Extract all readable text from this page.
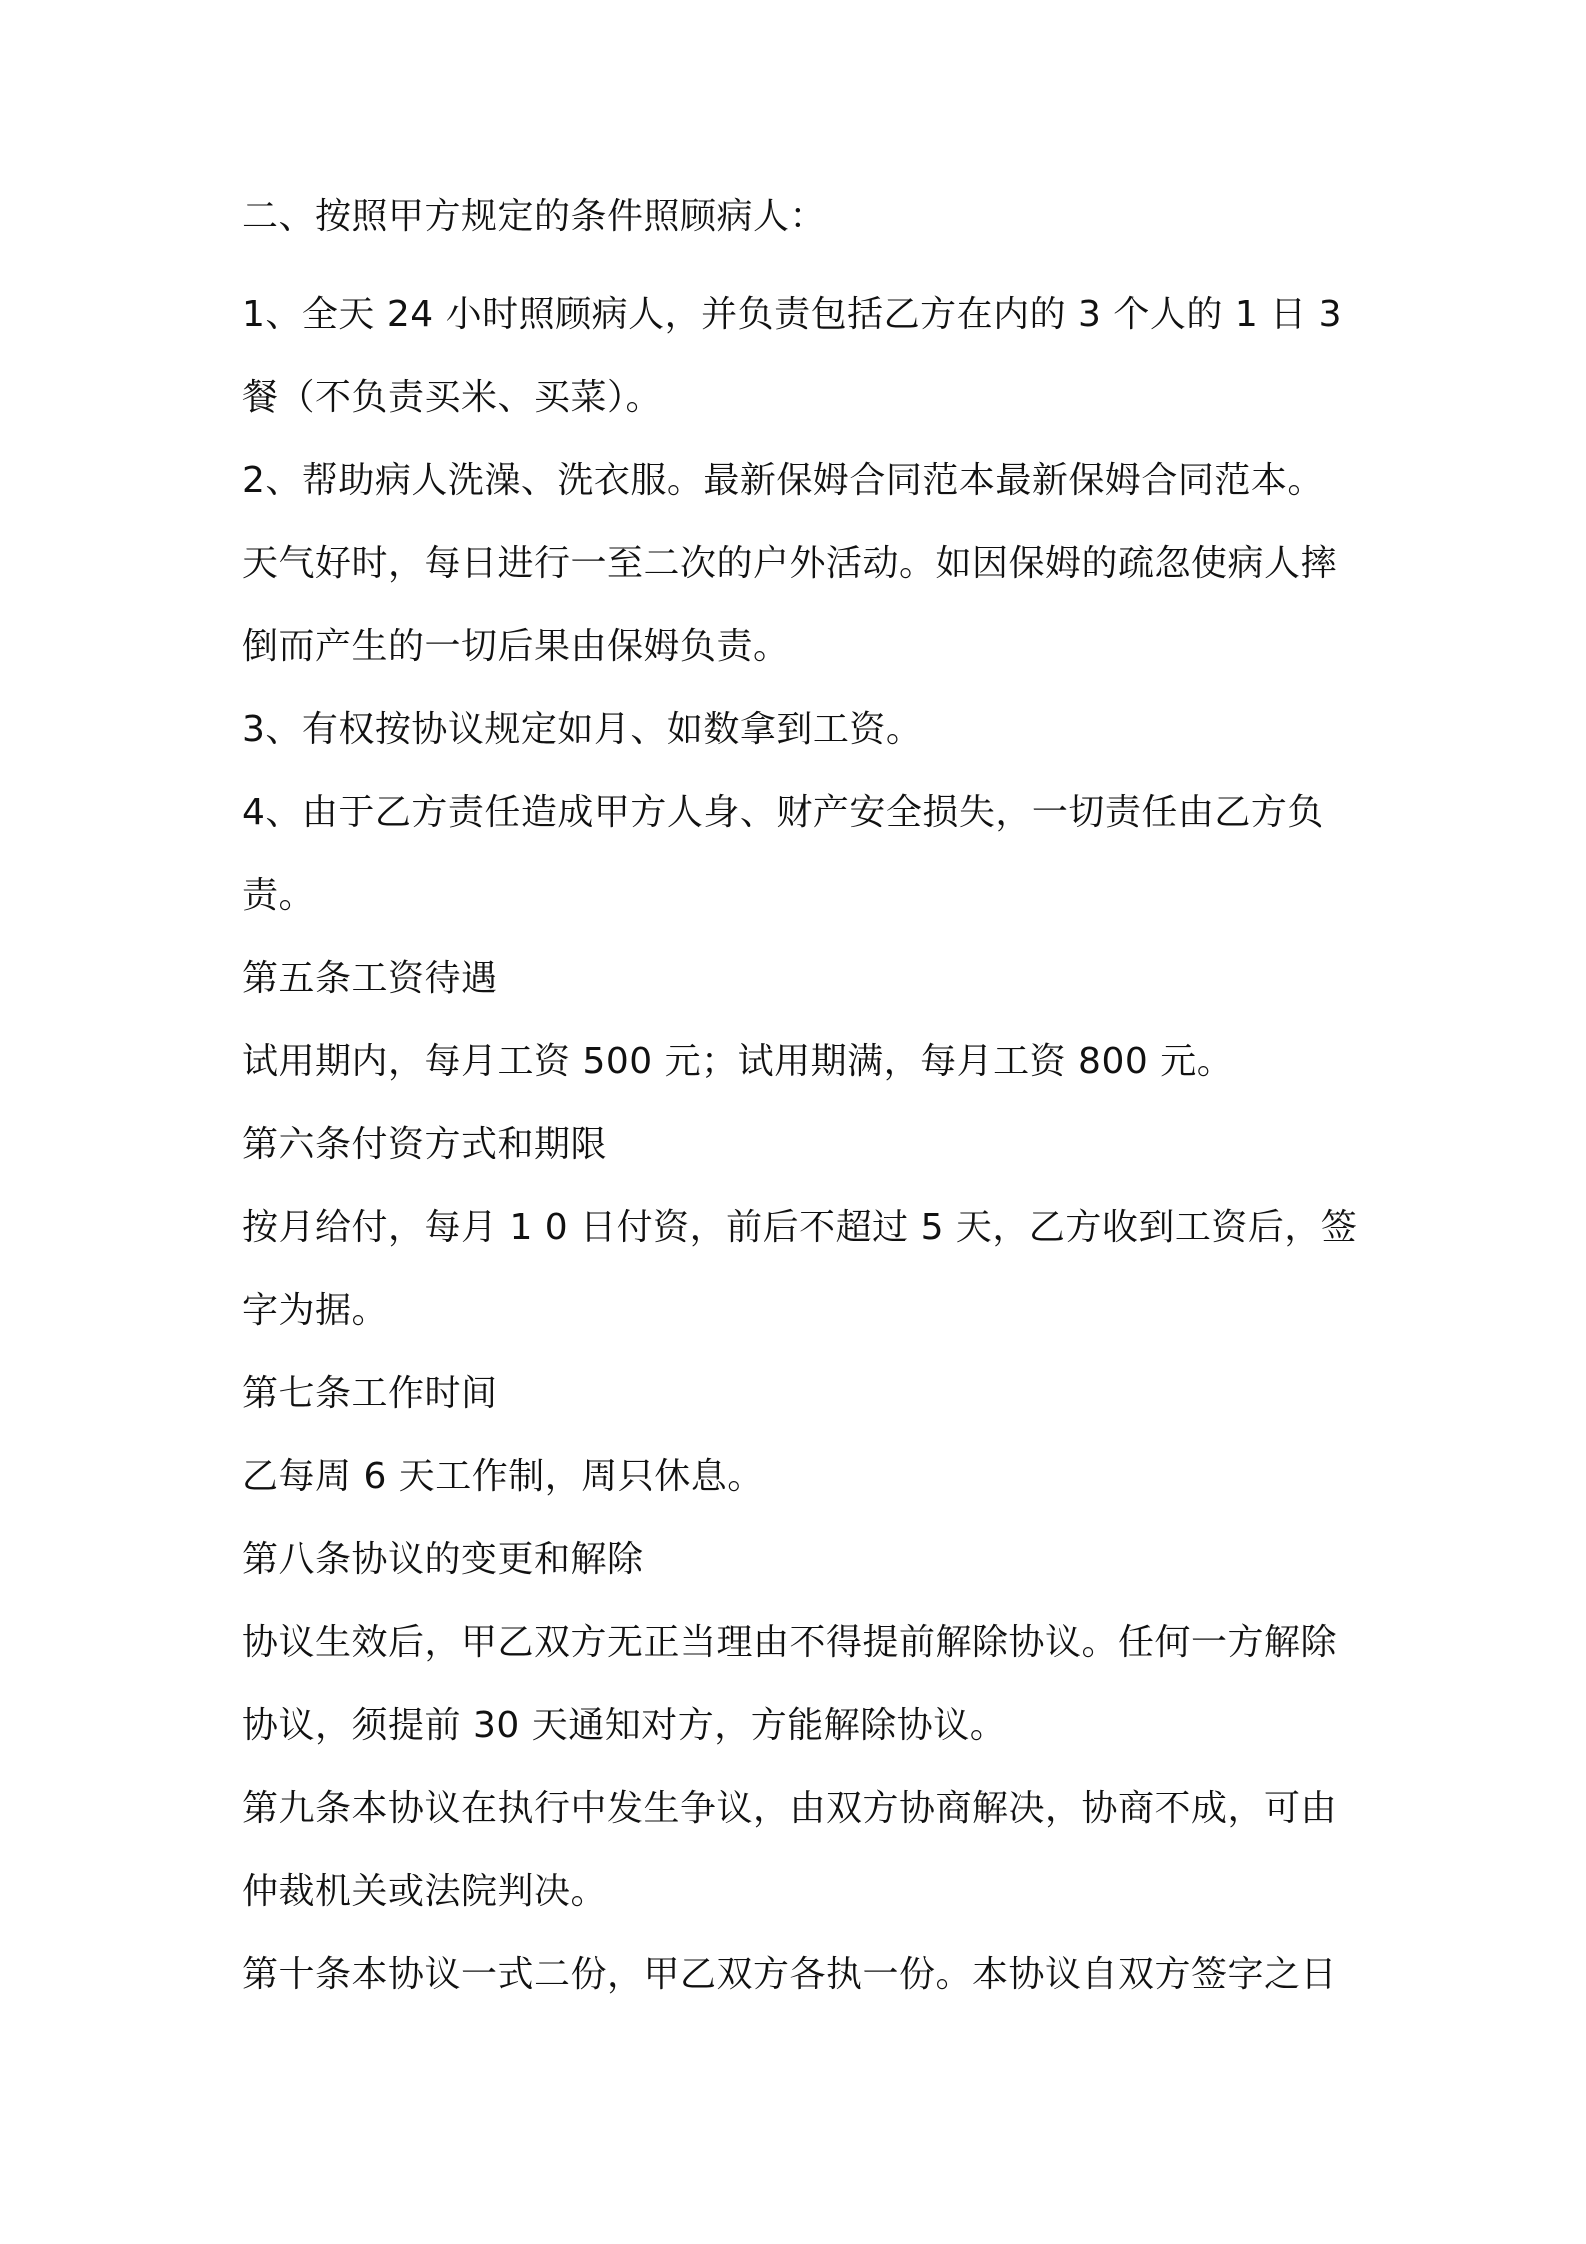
二、按照甲方规定的条件照顾病人：
1、全天 24 小时照顾病人，并负责包括乙方在内的 3 个人的 1 日 3
餐（不负责买米、买菜）。
2、帮助病人洗澡、洗衣服。最新保姆合同范本最新保姆合同范本。
天气好时，每日进行一至二次的户外活动。如因保姆的疏忽使病人摔
倒而产生的一切后果由保姆负责。
3、有权按协议规定如月、如数拿到工资。
4、由于乙方责任造成甲方人身、财产安全损失，一切责任由乙方负
责。
第五条工资待遇
试用期内，每月工资 500 元；试用期满，每月工资 800 元。
第六条付资方式和期限
按月给付，每月 1 0 日付资，前后不超过 5 天，乙方收到工资后，签
字为据。
第七条工作时间
乙每周 6 天工作制，周只休息。
第八条协议的变更和解除
协议生效后，甲乙双方无正当理由不得提前解除协议。任何一方解除
协议，须提前 30 天通知对方，方能解除协议。
第九条本协议在执行中发生争议，由双方协商解决，协商不成，可由
仲裁机关或法院判决。
第十条本协议一式二份，甲乙双方各执一份。本协议自双方签字之日
